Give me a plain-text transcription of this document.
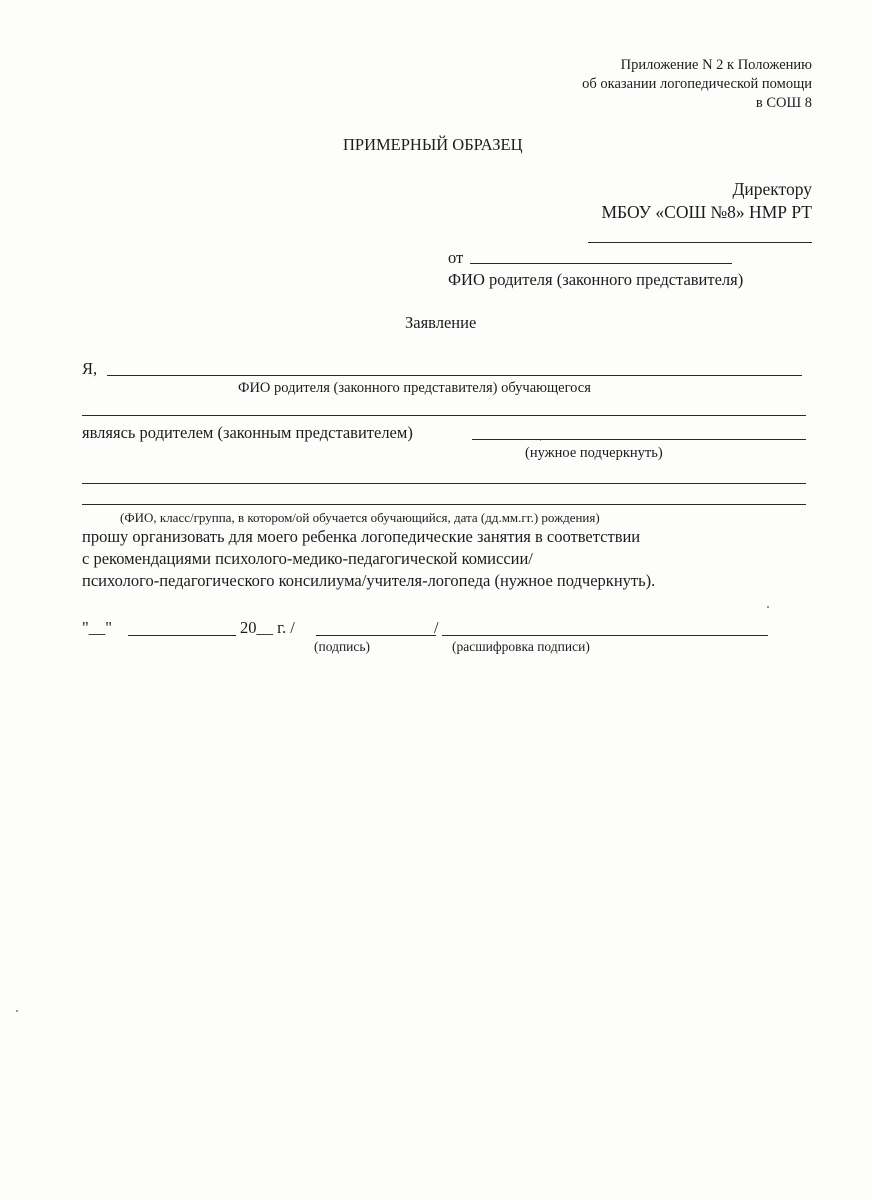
Приложение N 2 к Положению
об оказании логопедической помощи
в СОШ 8
ПРИМЕРНЫЙ ОБРАЗЕЦ
Директору
МБОУ «СОШ №8» НМР РТ
от
ФИО родителя (законного представителя)
Заявление
Я,
ФИО родителя (законного представителя) обучающегося
являясь родителем (законным представителем)
(нужное подчеркнуть)
(ФИО, класс/группа, в котором/ой обучается обучающийся, дата (дд.мм.гг.) рождения)
прошу организовать для моего ребенка логопедические занятия в соответствии
с рекомендациями психолого-медико-педагогической комиссии/
психолого-педагогического консилиума/учителя-логопеда (нужное подчеркнуть).
"__"	20__ г. /	/
(подпись)	(расшифровка подписи)
